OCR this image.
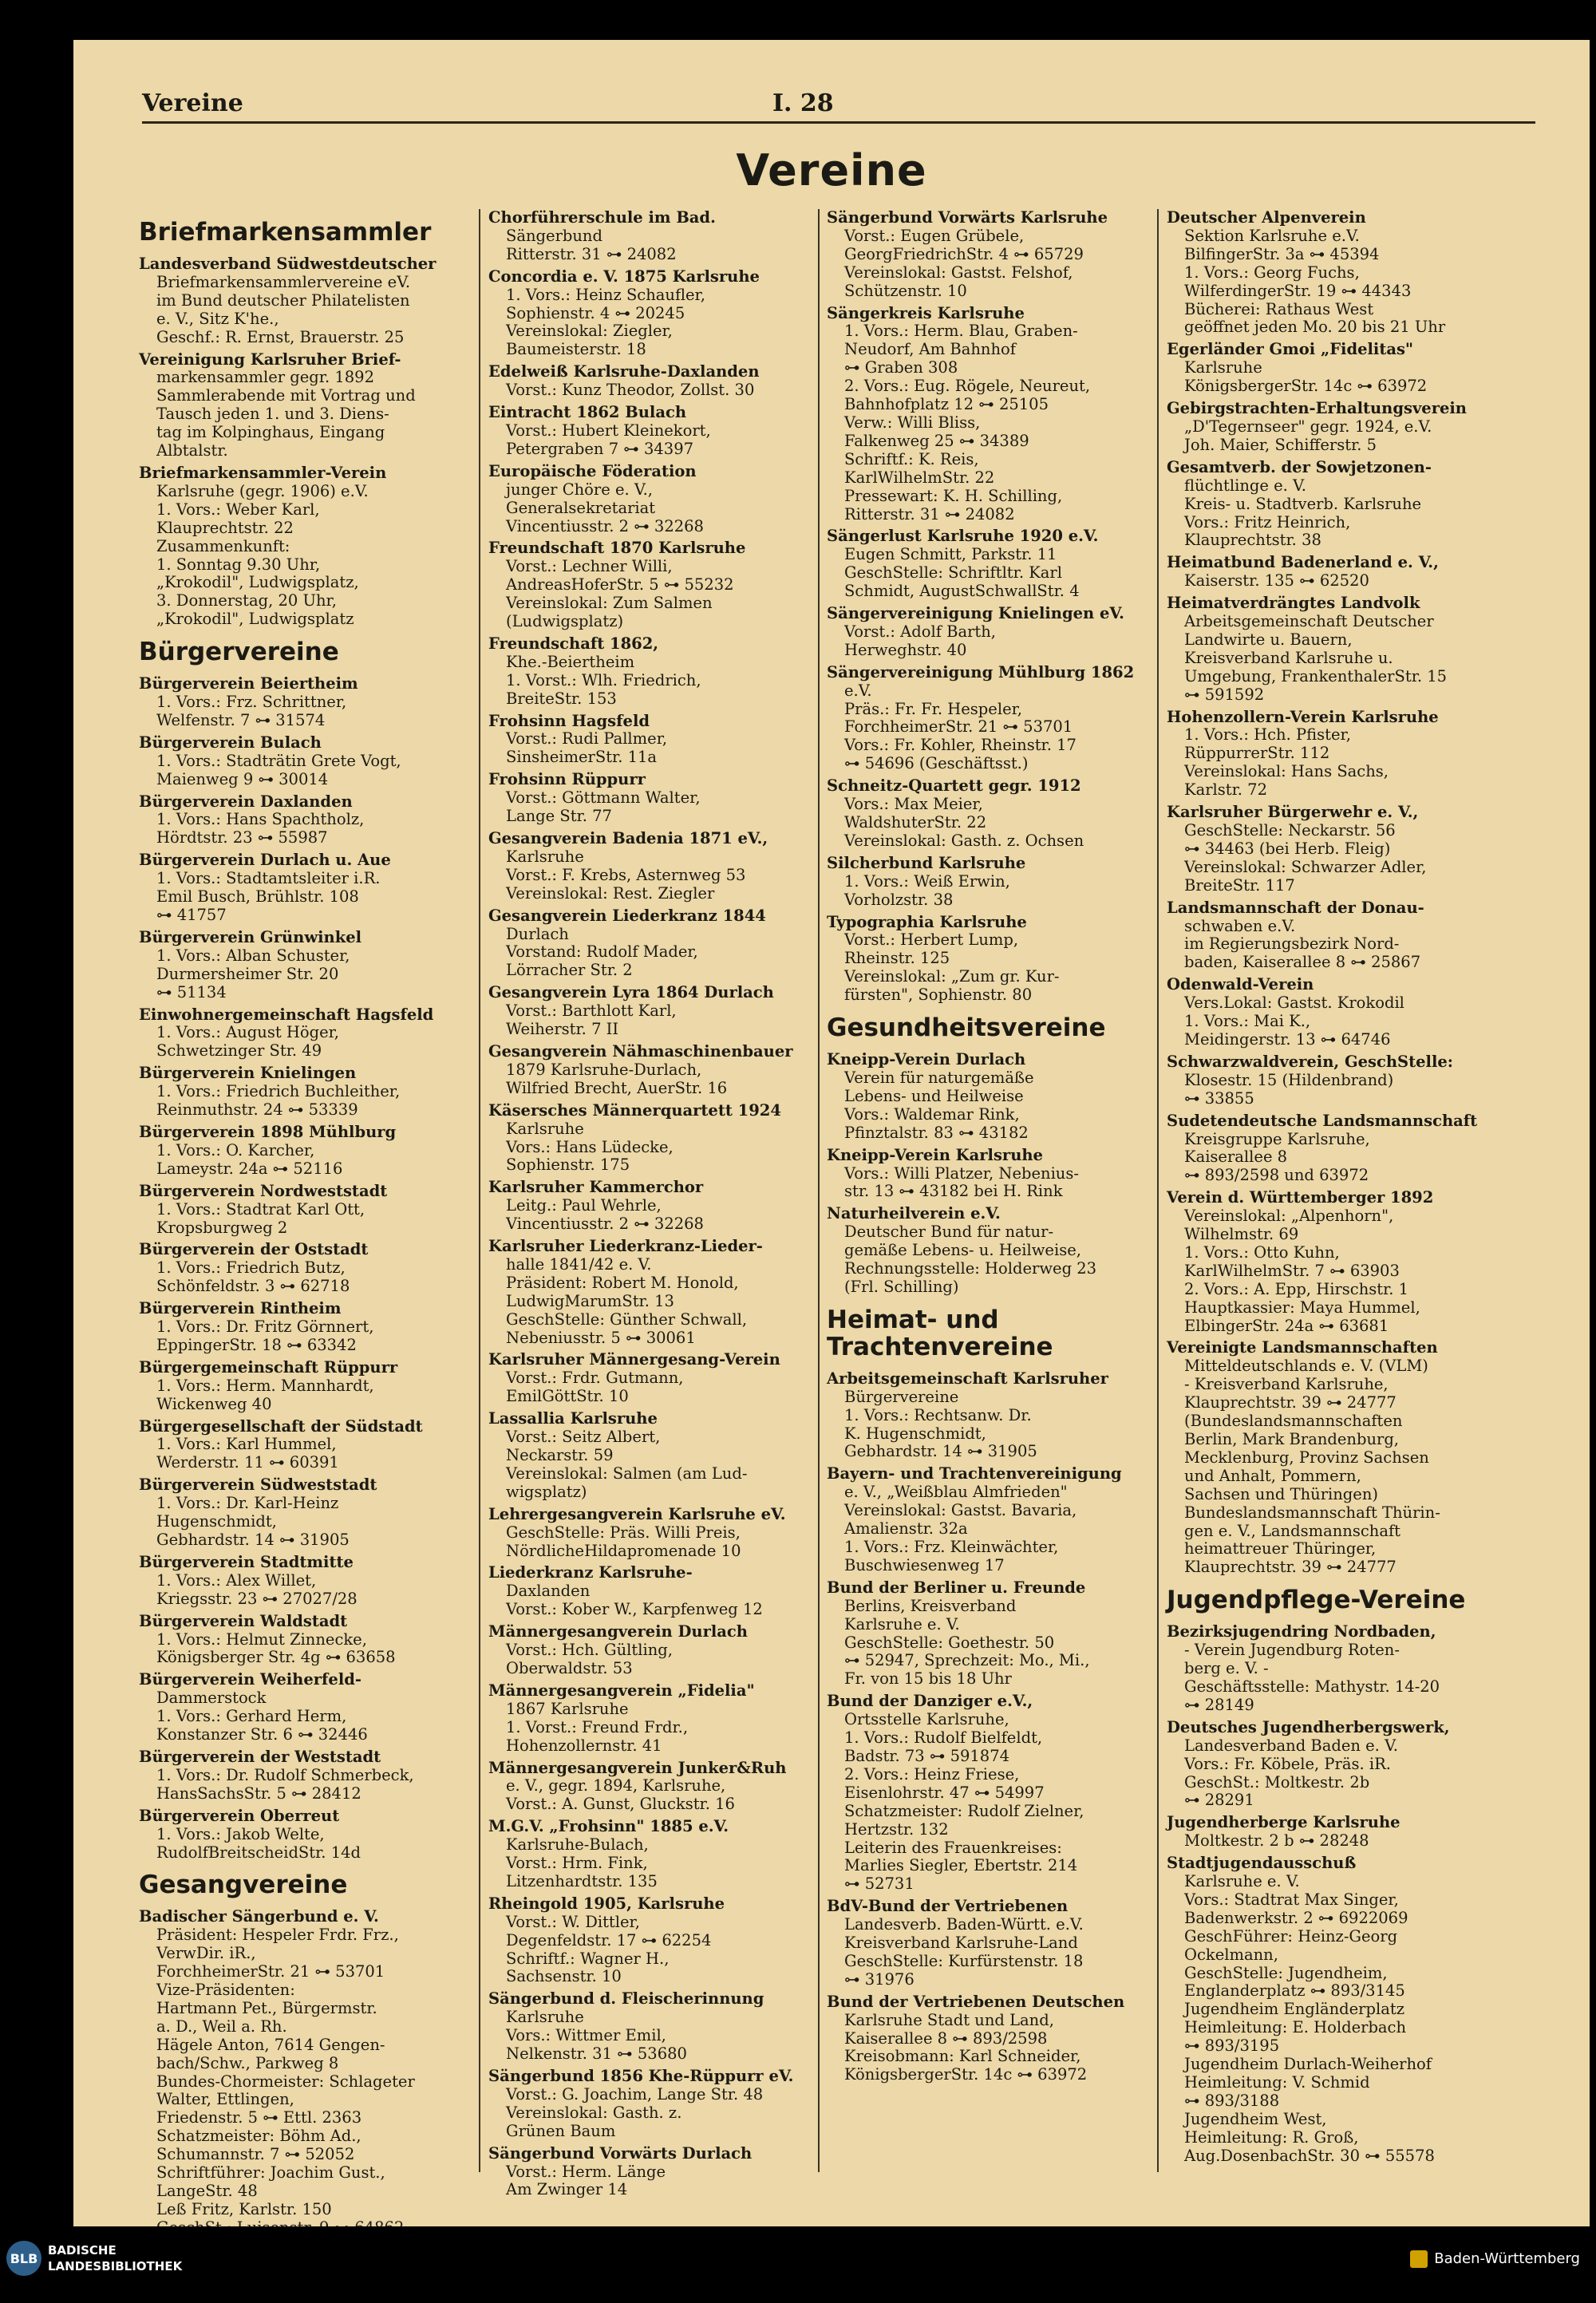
Vereine	I. 28
Vereine
Briefmarkensammler
Landesverband Südwestdeutscher
Briefmarkensammlervereine eV.
im Bund deutscher Philatelisten
e. V., Sitz K'he.,
Geschf.: R. Ernst, Brauerstr. 25
Vereinigung Karlsruher Brief-
markensammler gegr. 1892
Sammlerabende mit Vortrag und
Tausch jeden 1. und 3. Diens-
tag im Kolpinghaus, Eingang
Albtalstr.
Briefmarkensammler-Verein
Karlsruhe (gegr. 1906) e.V.
1. Vors.: Weber Karl,
Klauprechtstr. 22
Zusammenkunft:
1. Sonntag 9.30 Uhr,
„Krokodil", Ludwigsplatz,
3. Donnerstag, 20 Uhr,
„Krokodil", Ludwigsplatz
Bürgervereine
Bürgerverein Beiertheim
1. Vors.: Frz. Schrittner,
Welfenstr. 7 ⊶ 31574
Bürgerverein Bulach
1. Vors.: Stadträtin Grete Vogt,
Maienweg 9 ⊶ 30014
Bürgerverein Daxlanden
1. Vors.: Hans Spachtholz,
Hördtstr. 23 ⊶ 55987
Bürgerverein Durlach u. Aue
1. Vors.: Stadtamtsleiter i.R.
Emil Busch, Brühlstr. 108
⊶ 41757
Bürgerverein Grünwinkel
1. Vors.: Alban Schuster,
Durmersheimer Str. 20
⊶ 51134
Einwohnergemeinschaft Hagsfeld
1. Vors.: August Höger,
Schwetzinger Str. 49
Bürgerverein Knielingen
1. Vors.: Friedrich Buchleither,
Reinmuthstr. 24 ⊶ 53339
Bürgerverein 1898 Mühlburg
1. Vors.: O. Karcher,
Lameystr. 24a ⊶ 52116
Bürgerverein Nordweststadt
1. Vors.: Stadtrat Karl Ott,
Kropsburgweg 2
Bürgerverein der Oststadt
1. Vors.: Friedrich Butz,
Schönfeldstr. 3 ⊶ 62718
Bürgerverein Rintheim
1. Vors.: Dr. Fritz Görnnert,
EppingerStr. 18 ⊶ 63342
Bürgergemeinschaft Rüppurr
1. Vors.: Herm. Mannhardt,
Wickenweg 40
Bürgergesellschaft der Südstadt
1. Vors.: Karl Hummel,
Werderstr. 11 ⊶ 60391
Bürgerverein Südweststadt
1. Vors.: Dr. Karl-Heinz
Hugenschmidt,
Gebhardstr. 14 ⊶ 31905
Bürgerverein Stadtmitte
1. Vors.: Alex Willet,
Kriegsstr. 23 ⊶ 27027/28
Bürgerverein Waldstadt
1. Vors.: Helmut Zinnecke,
Königsberger Str. 4g ⊶ 63658
Bürgerverein Weiherfeld-
Dammerstock
1. Vors.: Gerhard Herm,
Konstanzer Str. 6 ⊶ 32446
Bürgerverein der Weststadt
1. Vors.: Dr. Rudolf Schmerbeck,
HansSachsStr. 5 ⊶ 28412
Bürgerverein Oberreut
1. Vors.: Jakob Welte,
RudolfBreitscheidStr. 14d
Gesangvereine
Badischer Sängerbund e. V.
Präsident: Hespeler Frdr. Frz.,
VerwDir. iR.,
ForchheimerStr. 21 ⊶ 53701
Vize-Präsidenten:
Hartmann Pet., Bürgermstr.
a. D., Weil a. Rh.
Hägele Anton, 7614 Gengen-
bach/Schw., Parkweg 8
Bundes-Chormeister: Schlageter
Walter, Ettlingen,
Friedenstr. 5 ⊶ Ettl. 2363
Schatzmeister: Böhm Ad.,
Schumannstr. 7 ⊶ 52052
Schriftführer: Joachim Gust.,
LangeStr. 48
Leß Fritz, Karlstr. 150
Chorführerschule im Bad.
Sängerbund
Ritterstr. 31 ⊶ 24082
Concordia e. V. 1875 Karlsruhe
1. Vors.: Heinz Schaufler,
Sophienstr. 4 ⊶ 20245
Vereinslokal: Ziegler,
Baumeisterstr. 18
Edelweiß Karlsruhe-Daxlanden
Vorst.: Kunz Theodor, Zollst. 30
Eintracht 1862 Bulach
Vorst.: Hubert Kleinekort,
Petergraben 7 ⊶ 34397
Europäische Föderation
junger Chöre e. V.,
Generalsekretariat
Vincentiusstr. 2 ⊶ 32268
Freundschaft 1870 Karlsruhe
Vorst.: Lechner Willi,
AndreasHoferStr. 5 ⊶ 55232
Vereinslokal: Zum Salmen
(Ludwigsplatz)
Freundschaft 1862,
Khe.-Beiertheim
1. Vorst.: Wlh. Friedrich,
BreiteStr. 153
Frohsinn Hagsfeld
Vorst.: Rudi Pallmer,
SinsheimerStr. 11a
Frohsinn Rüppurr
Vorst.: Göttmann Walter,
Lange Str. 77
Gesangverein Badenia 1871 eV.,
Karlsruhe
Vorst.: F. Krebs, Asternweg 53
Vereinslokal: Rest. Ziegler
Gesangverein Liederkranz 1844
Durlach
Vorstand: Rudolf Mader,
Lörracher Str. 2
Gesangverein Lyra 1864 Durlach
Vorst.: Barthlott Karl,
Weiherstr. 7 II
Gesangverein Nähmaschinenbauer
1879 Karlsruhe-Durlach,
Wilfried Brecht, AuerStr. 16
Käsersches Männerquartett 1924
Karlsruhe
Vors.: Hans Lüdecke,
Sophienstr. 175
Karlsruher Kammerchor
Leitg.: Paul Wehrle,
Vincentiusstr. 2 ⊶ 32268
Karlsruher Liederkranz-Lieder-
halle 1841/42 e. V.
Präsident: Robert M. Honold,
LudwigMarumStr. 13
GeschStelle: Günther Schwall,
Nebeniusstr. 5 ⊶ 30061
Karlsruher Männergesang-Verein
Vorst.: Frdr. Gutmann,
EmilGöttStr. 10
Lassallia Karlsruhe
Vorst.: Seitz Albert,
Neckarstr. 59
Vereinslokal: Salmen (am Lud-
wigsplatz)
Lehrergesangverein Karlsruhe eV.
GeschStelle: Präs. Willi Preis,
NördlicheHildapromenade 10
Liederkranz Karlsruhe-
Daxlanden
Vorst.: Kober W., Karpfenweg 12
Männergesangverein Durlach
Vorst.: Hch. Gültling,
Oberwaldstr. 53
Männergesangverein „Fidelia"
1867 Karlsruhe
1. Vorst.: Freund Frdr.,
Hohenzollernstr. 41
Männergesangverein Junker&Ruh
e. V., gegr. 1894, Karlsruhe,
Vorst.: A. Gunst, Gluckstr. 16
M.G.V. „Frohsinn" 1885 e.V.
Karlsruhe-Bulach,
Vorst.: Hrm. Fink,
Litzenhardtstr. 135
Rheingold 1905, Karlsruhe
Vorst.: W. Dittler,
Degenfeldstr. 17 ⊶ 62254
Schriftf.: Wagner H.,
Sachsenstr. 10
Sängerbund d. Fleischerinnung
Karlsruhe
Vors.: Wittmer Emil,
Nelkenstr. 31 ⊶ 53680
Sängerbund 1856 Khe-Rüppurr eV.
Vorst.: G. Joachim, Lange Str. 48
Vereinslokal: Gasth. z.
Grünen Baum
Sängerbund Vorwärts Durlach
Vorst.: Herm. Länge
Am Zwinger 14
Sängerbund Vorwärts Karlsruhe
Vorst.: Eugen Grübele,
GeorgFriedrichStr. 4 ⊶ 65729
Vereinslokal: Gastst. Felshof,
Schützenstr. 10
Sängerkreis Karlsruhe
1. Vors.: Herm. Blau, Graben-
Neudorf, Am Bahnhof
⊶ Graben 308
2. Vors.: Eug. Rögele, Neureut,
Bahnhofplatz 12 ⊶ 25105
Verw.: Willi Bliss,
Falkenweg 25 ⊶ 34389
Schriftf.: K. Reis,
KarlWilhelmStr. 22
Pressewart: K. H. Schilling,
Ritterstr. 31 ⊶ 24082
Sängerlust Karlsruhe 1920 e.V.
Eugen Schmitt, Parkstr. 11
GeschStelle: Schriftltr. Karl
Schmidt, AugustSchwallStr. 4
Sängervereinigung Knielingen eV.
Vorst.: Adolf Barth,
Herweghstr. 40
Sängervereinigung Mühlburg 1862
e.V.
Präs.: Fr. Fr. Hespeler,
ForchheimerStr. 21 ⊶ 53701
Vors.: Fr. Kohler, Rheinstr. 17
⊶ 54696 (Geschäftsst.)
Schneitz-Quartett gegr. 1912
Vors.: Max Meier,
WaldshuterStr. 22
Vereinslokal: Gasth. z. Ochsen
Silcherbund Karlsruhe
1. Vors.: Weiß Erwin,
Vorholzstr. 38
Typographia Karlsruhe
Vorst.: Herbert Lump,
Rheinstr. 125
Vereinslokal: „Zum gr. Kur-
fürsten", Sophienstr. 80
Gesundheitsvereine
Kneipp-Verein Durlach
Verein für naturgemäße
Lebens- und Heilweise
Vors.: Waldemar Rink,
Pfinztalstr. 83 ⊶ 43182
Kneipp-Verein Karlsruhe
Vors.: Willi Platzer, Nebenius-
str. 13 ⊶ 43182 bei H. Rink
Naturheilverein e.V.
Deutscher Bund für natur-
gemäße Lebens- u. Heilweise,
Rechnungsstelle: Holderweg 23
(Frl. Schilling)
Heimat- und Trachtenvereine
Arbeitsgemeinschaft Karlsruher
Bürgervereine
1. Vors.: Rechtsanw. Dr.
K. Hugenschmidt,
Gebhardstr. 14 ⊶ 31905
Bayern- und Trachtenvereinigung
e. V., „Weißblau Almfrieden"
Vereinslokal: Gastst. Bavaria,
Amalienstr. 32a
1. Vors.: Frz. Kleinwächter,
Buschwiesenweg 17
Bund der Berliner u. Freunde
Berlins, Kreisverband
Karlsruhe e. V.
GeschStelle: Goethestr. 50
⊶ 52947, Sprechzeit: Mo., Mi.,
Fr. von 15 bis 18 Uhr
Bund der Danziger e.V.,
Ortsstelle Karlsruhe,
1. Vors.: Rudolf Bielfeldt,
Badstr. 73 ⊶ 591874
2. Vors.: Heinz Friese,
Eisenlohrstr. 47 ⊶ 54997
Schatzmeister: Rudolf Zielner,
Hertzstr. 132
Leiterin des Frauenkreises:
Marlies Siegler, Ebertstr. 214
⊶ 52731
BdV-Bund der Vertriebenen
Landesverb. Baden-Württ. e.V.
Kreisverband Karlsruhe-Land
GeschStelle: Kurfürstenstr. 18
⊶ 31976
Bund der Vertriebenen Deutschen
Karlsruhe Stadt und Land,
Kaiserallee 8 ⊶ 893/2598
Kreisobmann: Karl Schneider,
KönigsbergerStr. 14c ⊶ 63972
Deutscher Alpenverein
Sektion Karlsruhe e.V.
BilfingerStr. 3a ⊶ 45394
1. Vors.: Georg Fuchs,
WilferdingerStr. 19 ⊶ 44343
Bücherei: Rathaus West
geöffnet jeden Mo. 20 bis 21 Uhr
Egerländer Gmoi „Fidelitas"
Karlsruhe
KönigsbergerStr. 14c ⊶ 63972
Gebirgstrachten-Erhaltungsverein
„D'Tegernseer" gegr. 1924, e.V.
Joh. Maier, Schifferstr. 5
Gesamtverb. der Sowjetzonen-
flüchtlinge e. V.
Kreis- u. Stadtverb. Karlsruhe
Vors.: Fritz Heinrich,
Klauprechtstr. 38
Heimatbund Badenerland e. V.,
Kaiserstr. 135 ⊶ 62520
Heimatverdrängtes Landvolk
Arbeitsgemeinschaft Deutscher
Landwirte u. Bauern,
Kreisverband Karlsruhe u.
Umgebung, FrankenthalerStr. 15
⊶ 591592
Hohenzollern-Verein Karlsruhe
1. Vors.: Hch. Pfister,
RüppurrerStr. 112
Vereinslokal: Hans Sachs,
Karlstr. 72
Karlsruher Bürgerwehr e. V.,
GeschStelle: Neckarstr. 56
⊶ 34463 (bei Herb. Fleig)
Vereinslokal: Schwarzer Adler,
BreiteStr. 117
Landsmannschaft der Donau-
schwaben e.V.
im Regierungsbezirk Nord-
baden, Kaiserallee 8 ⊶ 25867
Odenwald-Verein
Vers.Lokal: Gastst. Krokodil
1. Vors.: Mai K.,
Meidingerstr. 13 ⊶ 64746
Schwarzwaldverein, GeschStelle:
Klosestr. 15 (Hildenbrand)
⊶ 33855
Sudetendeutsche Landsmannschaft
Kreisgruppe Karlsruhe,
Kaiserallee 8
⊶ 893/2598 und 63972
Verein d. Württemberger 1892
Vereinslokal: „Alpenhorn",
Wilhelmstr. 69
1. Vors.: Otto Kuhn,
KarlWilhelmStr. 7 ⊶ 63903
2. Vors.: A. Epp, Hirschstr. 1
Hauptkassier: Maya Hummel,
ElbingerStr. 24a ⊶ 63681
Vereinigte Landsmannschaften
Mitteldeutschlands e. V. (VLM)
- Kreisverband Karlsruhe,
Klauprechtstr. 39 ⊶ 24777
(Bundeslandsmannschaften
Berlin, Mark Brandenburg,
Mecklenburg, Provinz Sachsen
und Anhalt, Pommern,
Sachsen und Thüringen)
Bundeslandsmannschaft Thürin-
gen e. V., Landsmannschaft
heimattreuer Thüringer,
Klauprechtstr. 39 ⊶ 24777
Jugendpflege-Vereine
Bezirksjugendring Nordbaden,
- Verein Jugendburg Roten-
berg e. V. -
Geschäftsstelle: Mathystr. 14-20
⊶ 28149
Deutsches Jugendherbergswerk,
Landesverband Baden e. V.
Vors.: Fr. Köbele, Präs. iR.
GeschSt.: Moltkestr. 2b
⊶ 28291
Jugendherberge Karlsruhe
Moltkestr. 2 b ⊶ 28248
Stadtjugendausschuß
Karlsruhe e. V.
Vors.: Stadtrat Max Singer,
Badenwerkstr. 2 ⊶ 6922069
GeschFührer: Heinz-Georg
Ockelmann,
GeschStelle: Jugendheim,
Englanderplatz ⊶ 893/3145
Jugendheim Engländerplatz
Heimleitung: E. Holderbach
⊶ 893/3195
Jugendheim Durlach-Weiherhof
Heimleitung: V. Schmid
⊶ 893/3188
Jugendheim West,
Heimleitung: R. Groß,
Aug.DosenbachStr. 30 ⊶ 55578
BLB
BADISCHE
LANDESBIBLIOTHEK	Baden-Württemberg
